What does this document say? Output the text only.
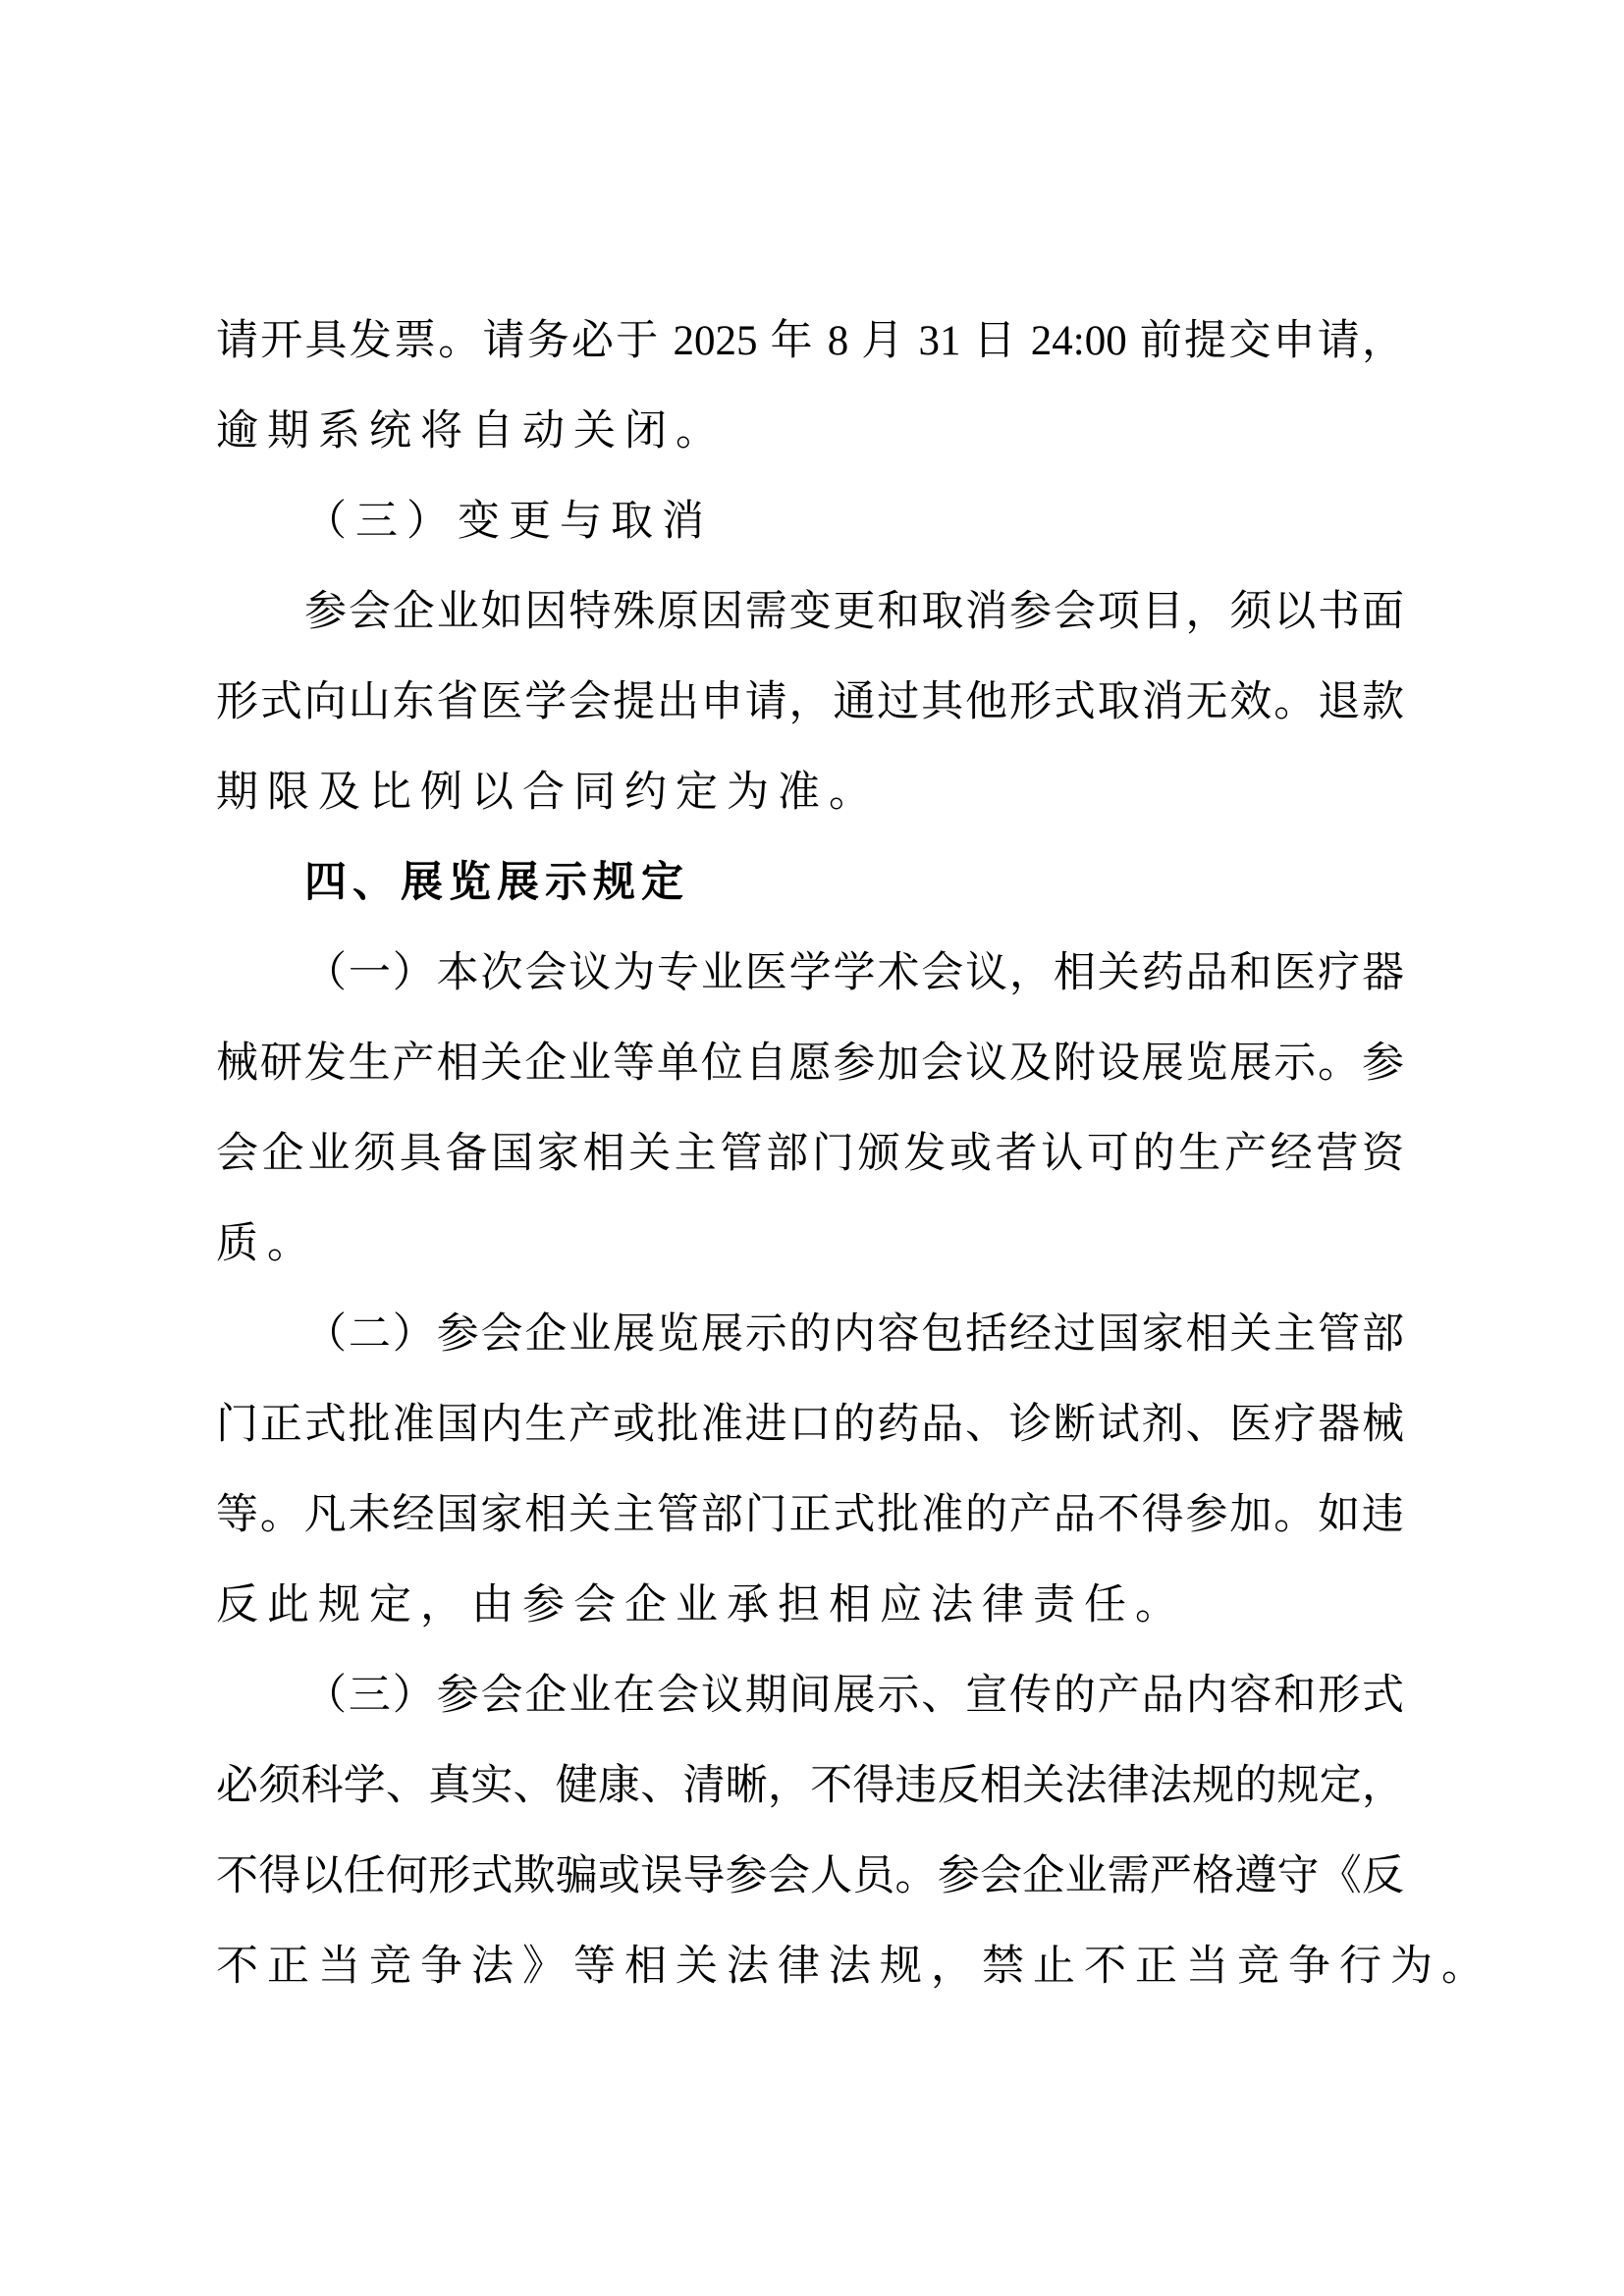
请开具发票。请务必于 2025 年 8 月 31 日 24:00 前提交申请，
逾期系统将自动关闭。
（三）变更与取消
参会企业如因特殊原因需变更和取消参会项目，须以书面
形式向山东省医学会提出申请，通过其他形式取消无效。退款
期限及比例以合同约定为准。
四、展览展示规定
（一）本次会议为专业医学学术会议，相关药品和医疗器
械研发生产相关企业等单位自愿参加会议及附设展览展示。参
会企业须具备国家相关主管部门颁发或者认可的生产经营资
质。
（二）参会企业展览展示的内容包括经过国家相关主管部
门正式批准国内生产或批准进口的药品、诊断试剂、医疗器械
等。凡未经国家相关主管部门正式批准的产品不得参加。如违
反此规定，由参会企业承担相应法律责任。
（三）参会企业在会议期间展示、宣传的产品内容和形式
必须科学、真实、健康、清晰，不得违反相关法律法规的规定，
不得以任何形式欺骗或误导参会人员。参会企业需严格遵守《反
不正当竞争法》等相关法律法规，禁止不正当竞争行为。
